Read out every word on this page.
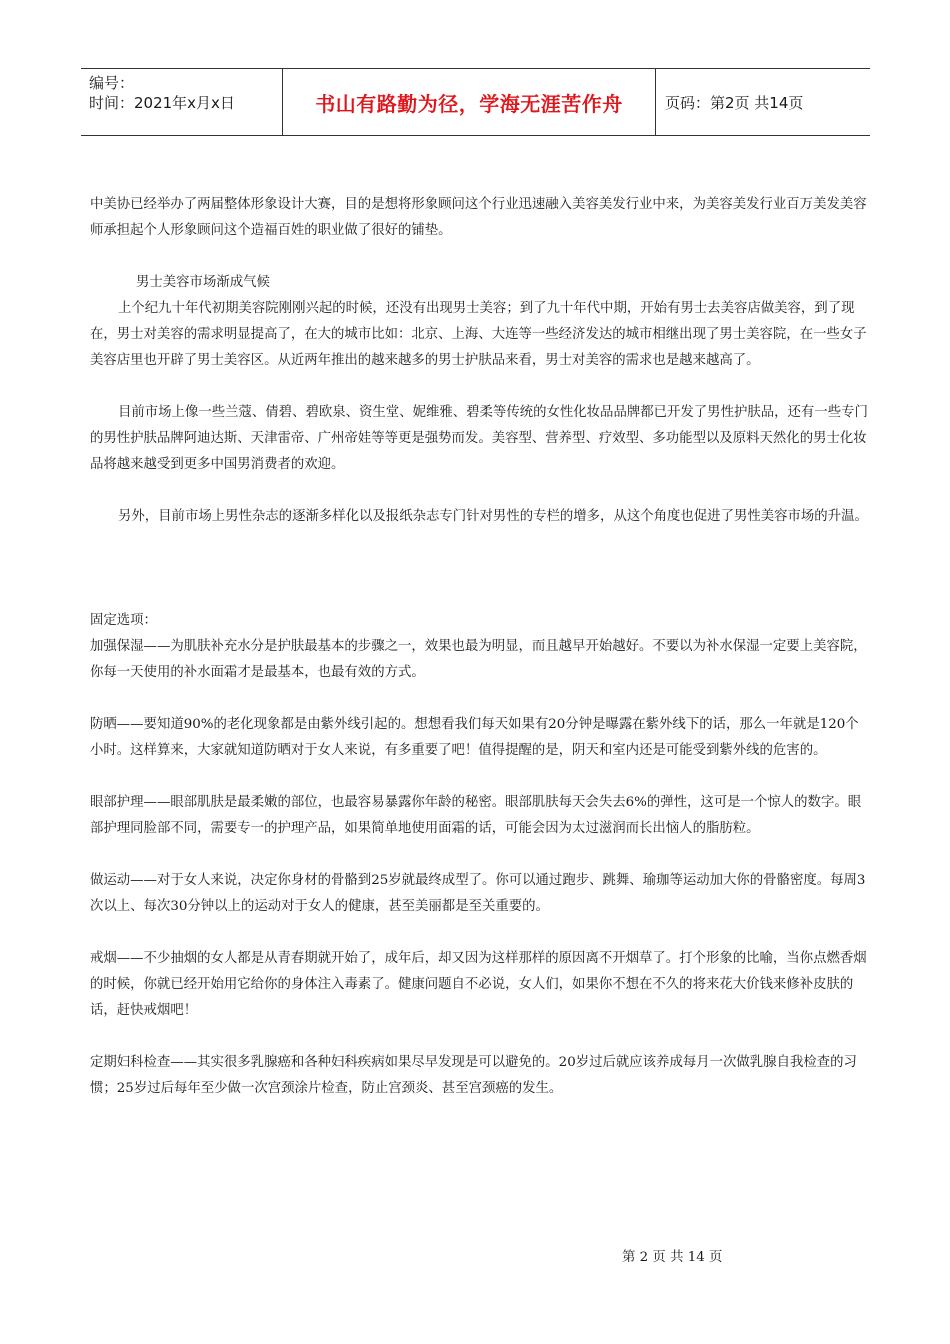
编号：
时间：2021年x月x日	书山有路勤为径，学海无涯苦作舟	页码：第2页 共14页

中美协已经举办了两届整体形象设计大赛，目的是想将形象顾问这个行业迅速融入美容美发行业中来，为美容美发行业百万美发美容师承担起个人形象顾问这个造福百姓的职业做了很好的铺垫。

男士美容市场渐成气候

上个纪九十年代初期美容院刚刚兴起的时候，还没有出现男士美容；到了九十年代中期，开始有男士去美容店做美容，到了现在，男士对美容的需求明显提高了，在大的城市比如：北京、上海、大连等一些经济发达的城市相继出现了男士美容院，在一些女子美容店里也开辟了男士美容区。从近两年推出的越来越多的男士护肤品来看，男士对美容的需求也是越来越高了。

目前市场上像一些兰蔻、倩碧、碧欧泉、资生堂、妮维雅、碧柔等传统的女性化妆品品牌都已开发了男性护肤品，还有一些专门的男性护肤品牌阿迪达斯、天津雷帝、广州帝娃等等更是强势而发。美容型、营养型、疗效型、多功能型以及原料天然化的男士化妆品将越来越受到更多中国男消费者的欢迎。

另外，目前市场上男性杂志的逐渐多样化以及报纸杂志专门针对男性的专栏的增多，从这个角度也促进了男性美容市场的升温。

固定选项：

加强保湿——为肌肤补充水分是护肤最基本的步骤之一，效果也最为明显，而且越早开始越好。不要以为补水保湿一定要上美容院，你每一天使用的补水面霜才是最基本，也最有效的方式。

防晒——要知道90%的老化现象都是由紫外线引起的。想想看我们每天如果有20分钟是曝露在紫外线下的话，那么一年就是120个小时。这样算来，大家就知道防晒对于女人来说，有多重要了吧！值得提醒的是，阴天和室内还是可能受到紫外线的危害的。

眼部护理——眼部肌肤是最柔嫩的部位，也最容易暴露你年龄的秘密。眼部肌肤每天会失去6%的弹性，这可是一个惊人的数字。眼部护理同脸部不同，需要专一的护理产品，如果简单地使用面霜的话，可能会因为太过滋润而长出恼人的脂肪粒。

做运动——对于女人来说，决定你身材的骨骼到25岁就最终成型了。你可以通过跑步、跳舞、瑜珈等运动加大你的骨骼密度。每周3次以上、每次30分钟以上的运动对于女人的健康，甚至美丽都是至关重要的。

戒烟——不少抽烟的女人都是从青春期就开始了，成年后，却又因为这样那样的原因离不开烟草了。打个形象的比喻，当你点燃香烟的时候，你就已经开始用它给你的身体注入毒素了。健康问题自不必说，女人们，如果你不想在不久的将来花大价钱来修补皮肤的话，赶快戒烟吧！

定期妇科检查——其实很多乳腺癌和各种妇科疾病如果尽早发现是可以避免的。20岁过后就应该养成每月一次做乳腺自我检查的习惯；25岁过后每年至少做一次宫颈涂片检查，防止宫颈炎、甚至宫颈癌的发生。

第 2 页 共 14 页
